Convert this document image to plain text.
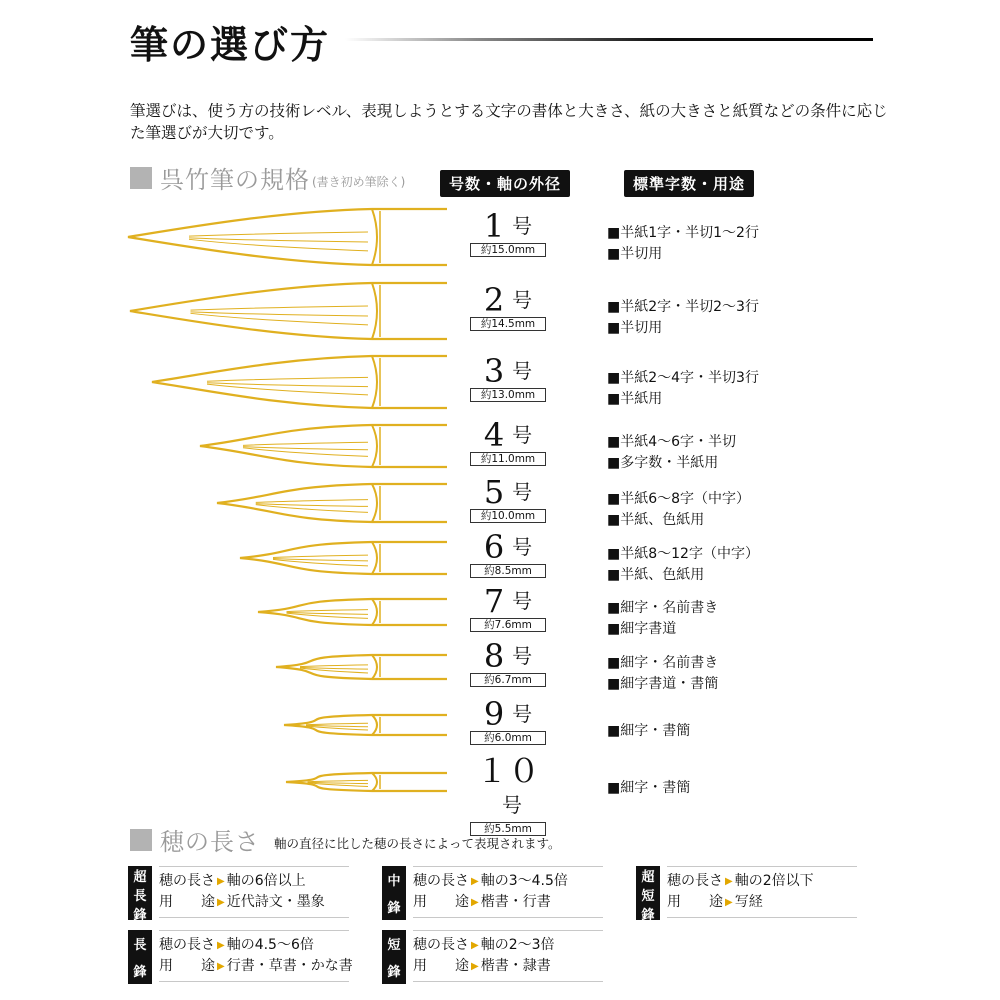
筆の選び方
筆選びは、使う方の技術レベル、表現しようとする文字の書体と大きさ、紙の大きさと紙質などの条件に応じた筆選びが大切です。
呉竹筆の規格 (書き初め筆除く)	号数・軸の外径	標準字数・用途
1 号
約15.0mm
■半紙1字・半切1〜2行
■半切用
2 号
約14.5mm
■半紙2字・半切2〜3行
■半切用
3 号
約13.0mm
■半紙2〜4字・半切3行
■半紙用
4 号
約11.0mm
■半紙4〜6字・半切
■多字数・半紙用
5 号
約10.0mm
■半紙6〜8字（中字）
■半紙、色紙用
6 号
約8.5mm
■半紙8〜12字（中字）
■半紙、色紙用
7 号
約7.6mm
■細字・名前書き
■細字書道
8 号
約6.7mm
■細字・名前書き
■細字書道・書簡
9 号
約6.0mm	■細字・書簡
１０号
約5.5mm
■細字・書簡
穂の長さ 軸の直径に比した穂の長さによって表現されます。
超
長
鋒
穂の長さ ▶ 軸の6倍以上
用 途 ▶ 近代詩文・墨象
中
鋒
穂の長さ ▶ 軸の3〜4.5倍
用 途 ▶ 楷書・行書
超
短
鋒
穂の長さ ▶ 軸の2倍以下
用 途 ▶ 写経
長
鋒
穂の長さ ▶ 軸の4.5〜6倍
用 途 ▶ 行書・草書・かな書
短
鋒
穂の長さ ▶ 軸の2〜3倍
用 途 ▶ 楷書・隷書
